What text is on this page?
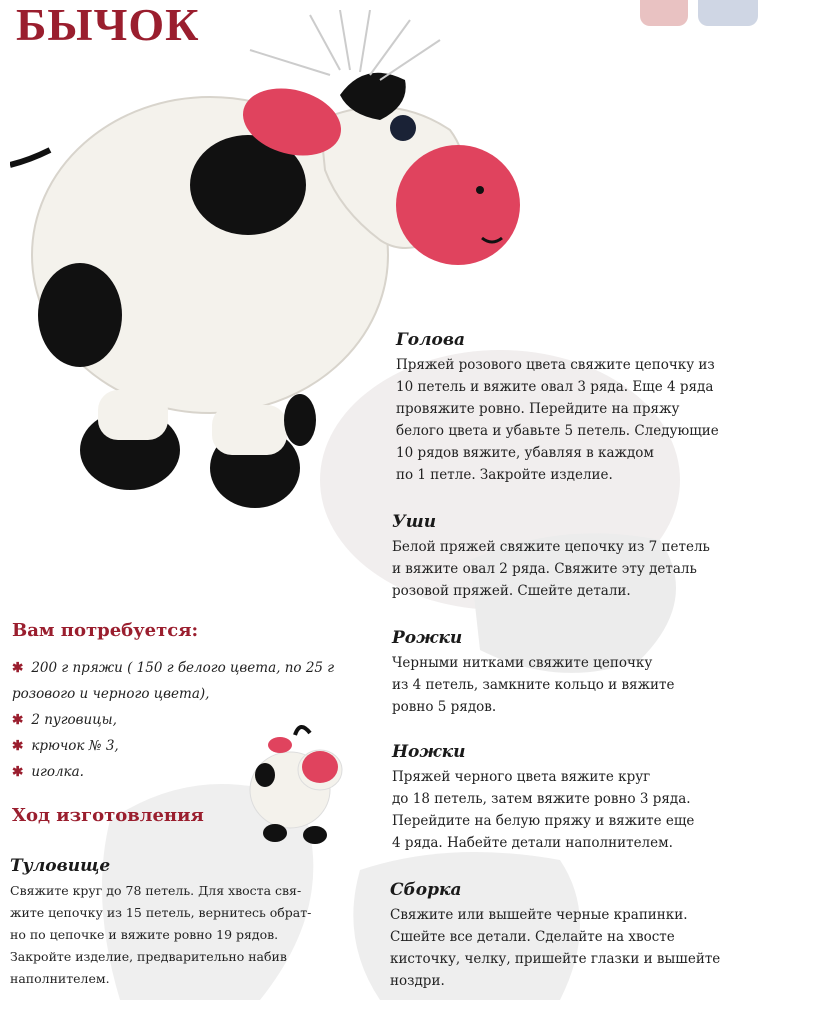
БЫЧОК
Вам потребуется:
✱ 200 г пряжи ( 150 г белого цвета, по 25 г
розового и черного цвета),
✱ 2 пуговицы,
✱ крючок № 3,
✱ иголка.
Ход изготовления
Голова
Пряжей розового цвета свяжите цепочку из
10 петель и вяжите овал 3 ряда. Еще 4 ряда
провяжите ровно. Перейдите на пряжу
белого цвета и убавьте 5 петель. Следующие
10 рядов вяжите, убавляя в каждом
по 1 петле. Закройте изделие.
Уши
Белой пряжей свяжите цепочку из 7 петель
и вяжите овал 2 ряда. Свяжите эту деталь
розовой пряжей. Сшейте детали.
Рожки
Черными нитками свяжите цепочку
из 4 петель, замкните кольцо и вяжите
ровно 5 рядов.
Ножки
Пряжей черного цвета вяжите круг
до 18 петель, затем вяжите ровно 3 ряда.
Перейдите на белую пряжу и вяжите еще
4 ряда. Набейте детали наполнителем.
Туловище
Свяжите круг до 78 петель. Для хвоста свя-
жите цепочку из 15 петель, вернитесь обрат-
но по цепочке и вяжите ровно 19 рядов.
Закройте изделие, предварительно набив
наполнителем.
Сборка
Свяжите или вышейте черные крапинки.
Сшейте все детали. Сделайте на хвосте
кисточку, челку, пришейте глазки и вышейте
ноздри.
